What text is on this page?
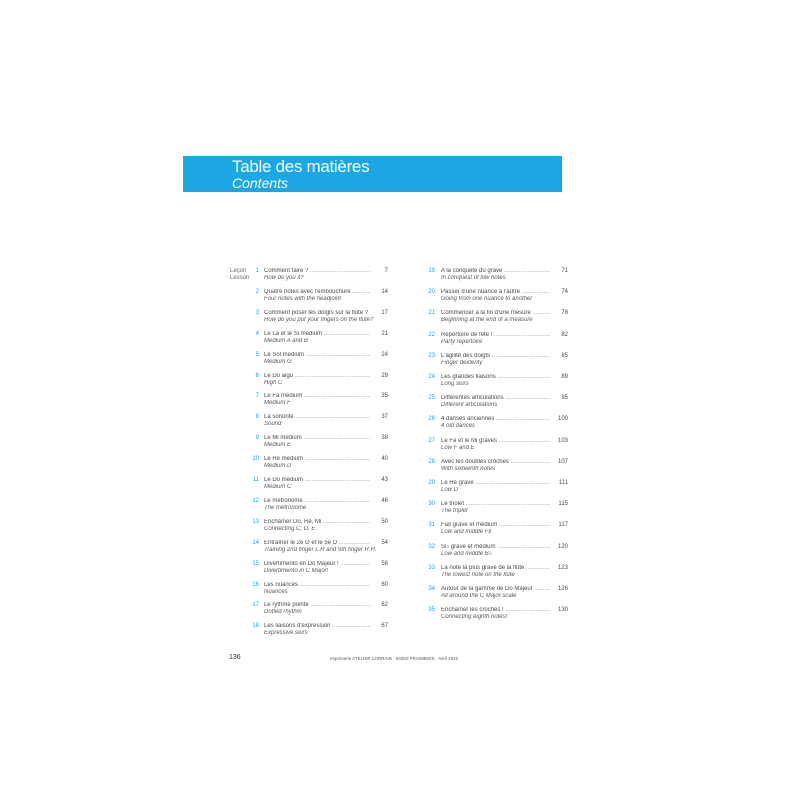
Table des matières
Contents
Leçon
Lesson
1 Comment faire ? .....	7
How do you it?
2 Quatre notes avec l'embouchure .....	14
Four notes with the headjoint
3 Comment poser les doigts sur la flûte ? .....	17
How do you put your fingers on the flute?
4 Le La et le Si médium .....	21
Medium A and B
5 Le Sol médium .....	24
Medium G
6 Le Do aigu .....	29
High C
7 Le Fa médium .....	35
Medium F
8 La sonorité .....	37
Sound
9 Le Mi médium .....	38
Medium E
10 Le Ré médium .....	40
Medium D
11 Le Do médium .....	43
Medium C
12 Le métronome .....	46
The metronome
13 Enchaîner Do, Ré, Mi .....	50
Connecting C, D, E
14 Entraîner le 2e G et le 5e D .....	54
Training 2nd finger L.H and 5th finger R.H.
15 Divertimento en Do Majeur ! .....	58
Divertimento in C Major!
16 Les nuances .....	60
Nuances
17 Le rythme pointé .....	62
Dotted rhythm
18 Les liaisons d'expression .....	67
Expressive slurs
19 A la conquête du grave .....	71
In conquest of low notes
20 Passer d'une nuance à l'autre .....	74
Going from one nuance to another
21 Commencer à la fin d'une mesure .....	78
Beginning at the end of a measure
22 Répertoire de fête ! .....	82
Party repertoire
23 L'agilité des doigts .....	85
Finger dexterity
24 Les grandes liaisons .....	89
Long slurs
25 Différentes articulations .....	95
Different articulations
26 4 danses anciennes .....	100
4 old dances
27 Le Fa et le Mi graves .....	103
Low F and E
28 Avec les doubles croches .....	107
With sixteenth notes
29 Le Ré grave .....	111
Low D
30 Le triolet .....	115
The triplet
31 Fa♯ grave et médium .....	117
Low and middle F♯
32 Si♭ grave et médium .....	120
Low and middle B♭
33 La note la plus grave de la flûte .....	123
The lowest note on the flute
34 Autour de la gamme de Do Majeur .....	126
All around the C Major scale
35 Enchaîner les croches ! .....	130
Connecting eighth notes!
136	Imprimerie ATELIER LORRAIN · 54300 FRAIMBOIS · Avril 2022
